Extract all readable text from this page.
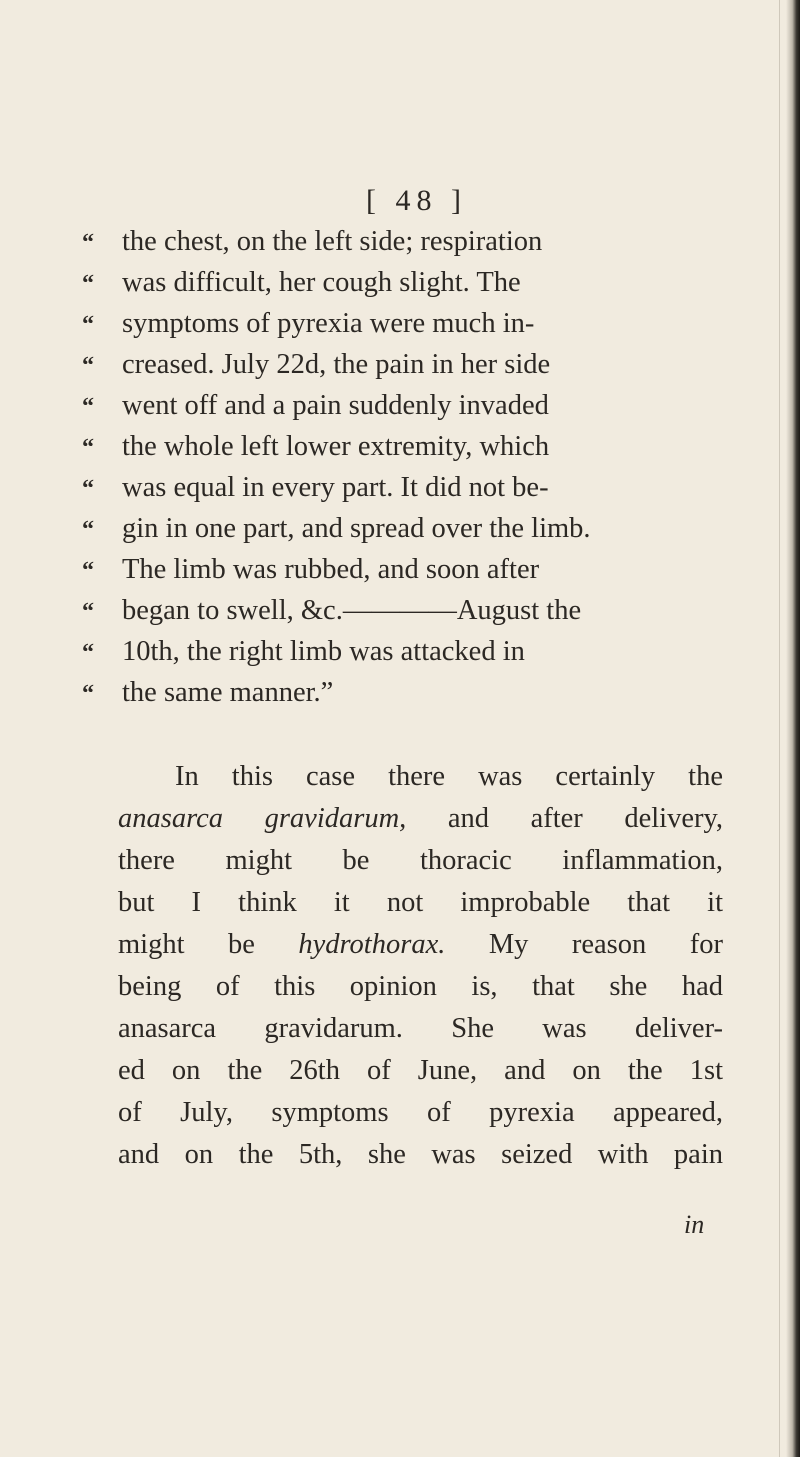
[ 48 ]
“ the chest, on the left side; respiration
“ was difficult, her cough slight. The
“ symptoms of pyrexia were much in-
“ creased. July 22d, the pain in her side
“ went off and a pain suddenly invaded
“ the whole left lower extremity, which
“ was equal in every part. It did not be-
“ gin in one part, and spread over the limb.
“ The limb was rubbed, and soon after
“ began to swell, &c.————August the
“ 10th, the right limb was attacked in
“ the same manner.”
In this case there was certainly the
anasarca gravidarum, and after delivery,
there might be thoracic inflammation,
but I think it not improbable that it
might be hydrothorax. My reason for
being of this opinion is, that she had
anasarca gravidarum. She was deliver-
ed on the 26th of June, and on the 1st
of July, symptoms of pyrexia appeared,
and on the 5th, she was seized with pain
in
